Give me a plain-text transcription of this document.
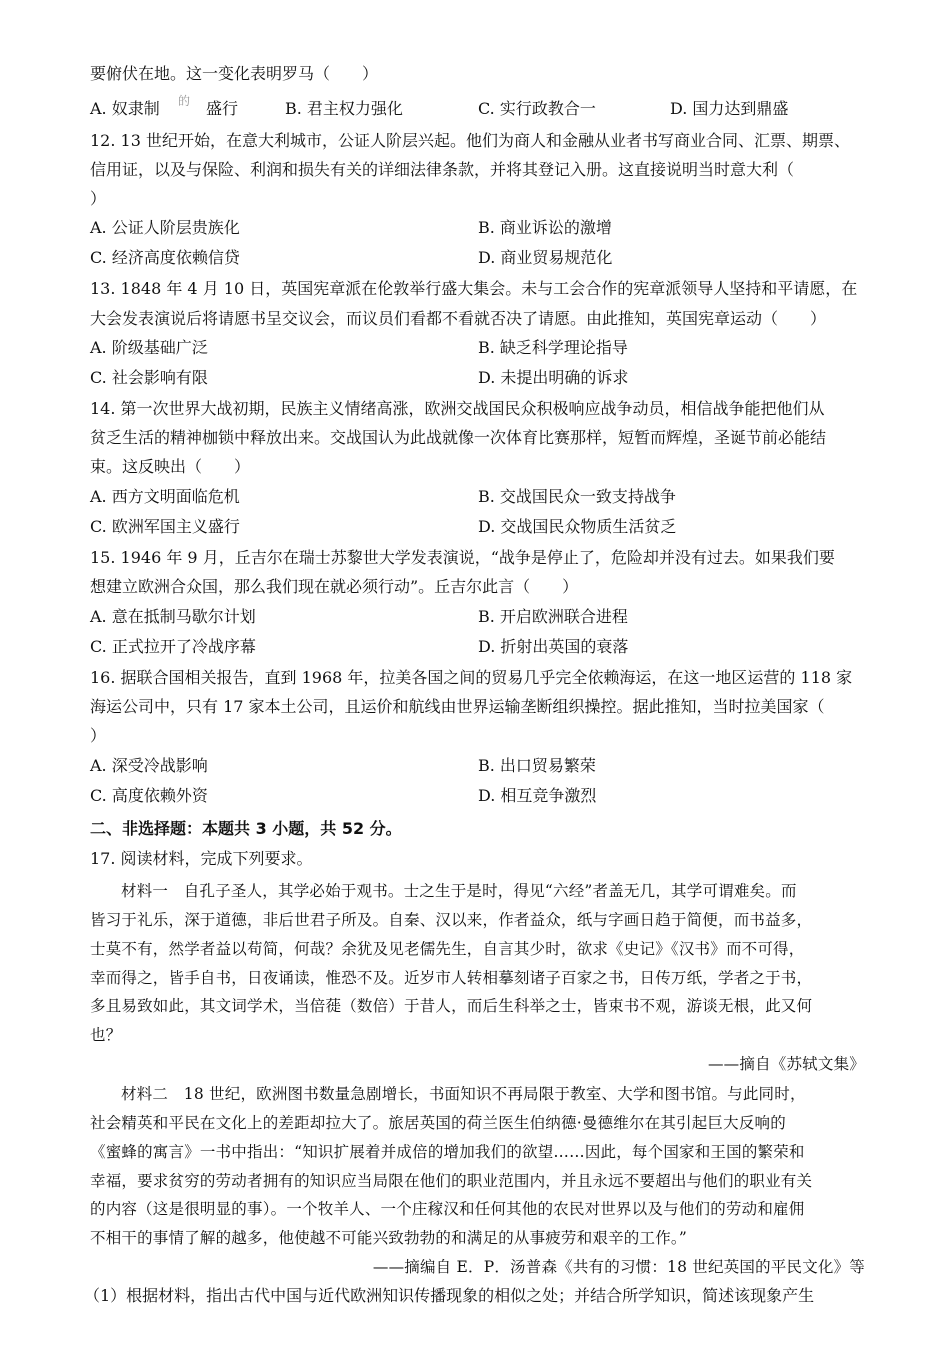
要俯伏在地。这一变化表明罗马（　　）
A. 奴隶制 的 盛行	B. 君主权力强化	C. 实行政教合一	D. 国力达到鼎盛
12. 13 世纪开始，在意大利城市，公证人阶层兴起。他们为商人和金融从业者书写商业合同、汇票、期票、
信用证，以及与保险、利润和损失有关的详细法律条款，并将其登记入册。这直接说明当时意大利（
）
A. 公证人阶层贵族化	B. 商业诉讼的激增
C. 经济高度依赖信贷	D. 商业贸易规范化
13. 1848 年 4 月 10 日，英国宪章派在伦敦举行盛大集会。未与工会合作的宪章派领导人坚持和平请愿，在
大会发表演说后将请愿书呈交议会，而议员们看都不看就否决了请愿。由此推知，英国宪章运动（　　）
A. 阶级基础广泛	B. 缺乏科学理论指导
C. 社会影响有限	D. 未提出明确的诉求
14. 第一次世界大战初期，民族主义情绪高涨，欧洲交战国民众积极响应战争动员，相信战争能把他们从
贫乏生活的精神枷锁中释放出来。交战国认为此战就像一次体育比赛那样，短暂而辉煌，圣诞节前必能结
束。这反映出（　　）
A. 西方文明面临危机	B. 交战国民众一致支持战争
C. 欧洲军国主义盛行	D. 交战国民众物质生活贫乏
15. 1946 年 9 月，丘吉尔在瑞士苏黎世大学发表演说，“战争是停止了，危险却并没有过去。如果我们要
想建立欧洲合众国，那么我们现在就必须行动”。丘吉尔此言（　　）
A. 意在抵制马歇尔计划	B. 开启欧洲联合进程
C. 正式拉开了冷战序幕	D. 折射出英国的衰落
16. 据联合国相关报告，直到 1968 年，拉美各国之间的贸易几乎完全依赖海运，在这一地区运营的 118 家
海运公司中，只有 17 家本土公司，且运价和航线由世界运输垄断组织操控。据此推知，当时拉美国家（
）
A. 深受冷战影响	B. 出口贸易繁荣
C. 高度依赖外资	D. 相互竞争激烈
二、非选择题：本题共 3 小题，共 52 分。
17. 阅读材料，完成下列要求。
材料一　自孔子圣人，其学必始于观书。士之生于是时，得见“六经”者盖无几，其学可谓难矣。而
皆习于礼乐，深于道德，非后世君子所及。自秦、汉以来，作者益众，纸与字画日趋于简便，而书益多，
士莫不有，然学者益以苟简，何哉？余犹及见老儒先生，自言其少时，欲求《史记》《汉书》而不可得，
幸而得之，皆手自书，日夜诵读，惟恐不及。近岁市人转相摹刻诸子百家之书，日传万纸，学者之于书，
多且易致如此，其文词学术，当倍蓰（数倍）于昔人，而后生科举之士，皆束书不观，游谈无根，此又何
也？
——摘自《苏轼文集》
材料二　18 世纪，欧洲图书数量急剧增长，书面知识不再局限于教室、大学和图书馆。与此同时，
社会精英和平民在文化上的差距却拉大了。旅居英国的荷兰医生伯纳德·曼德维尔在其引起巨大反响的
《蜜蜂的寓言》一书中指出：“知识扩展着并成倍的增加我们的欲望……因此，每个国家和王国的繁荣和
幸福，要求贫穷的劳动者拥有的知识应当局限在他们的职业范围内，并且永远不要超出与他们的职业有关
的内容（这是很明显的事）。一个牧羊人、一个庄稼汉和任何其他的农民对世界以及与他们的劳动和雇佣
不相干的事情了解的越多，他使越不可能兴致勃勃的和满足的从事疲劳和艰辛的工作。”
——摘编自 E．P．汤普森《共有的习惯：18 世纪英国的平民文化》等
（1）根据材料，指出古代中国与近代欧洲知识传播现象的相似之处；并结合所学知识，简述该现象产生
